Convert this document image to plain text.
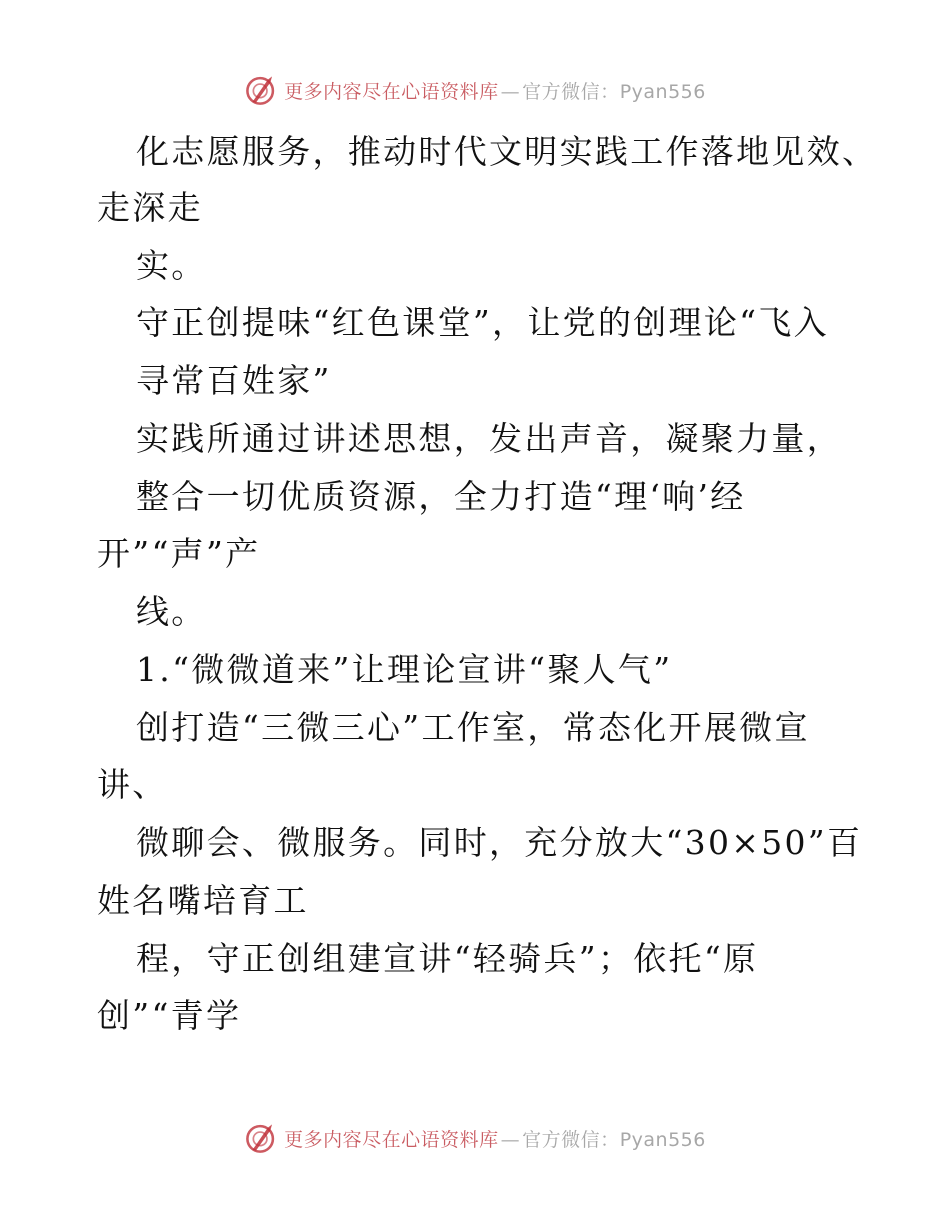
更多内容尽在心语资料库 — 官方微信：Pyan556
化志愿服务，推动时代文明实践工作落地见效、
走深走
实。
守正创提味“红色课堂”，让党的创理论“飞入
寻常百姓家”
实践所通过讲述思想，发出声音，凝聚力量，
整合一切优质资源，全力打造“理‘响’经
开”“声”产
线。
1.“微微道来”让理论宣讲“聚人气”
创打造“三微三心”工作室，常态化开展微宣
讲、
微聊会、微服务。同时，充分放大“30×50”百
姓名嘴培育工
程，守正创组建宣讲“轻骑兵”；依托“原
创”“青学
更多内容尽在心语资料库 — 官方微信：Pyan556
